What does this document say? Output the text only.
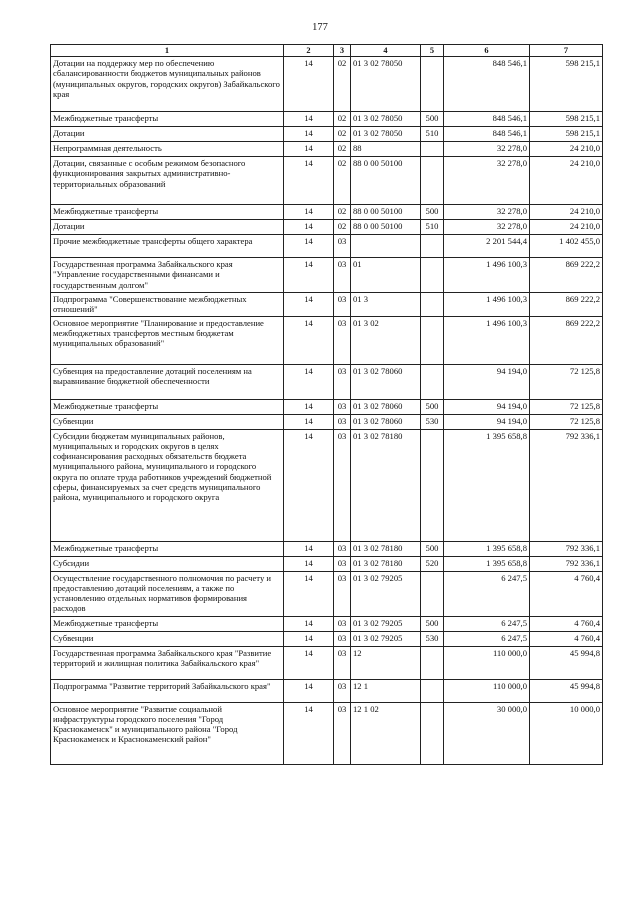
177
1	2	3	4	5	6	7
Дотации на поддержку мер по обеспечению сбалансированности бюджетов муниципальных районов (муниципальных округов, городских округов) Забайкальского края	14	02	01 3 02 78050		848 546,1	598 215,1
Межбюджетные трансферты	14	02	01 3 02 78050	500	848 546,1	598 215,1
Дотации	14	02	01 3 02 78050	510	848 546,1	598 215,1
Непрограммная деятельность	14	02	88		32 278,0	24 210,0
Дотации, связанные с особым режимом безопасного функционирования закрытых административно-территориальных образований	14	02	88 0 00 50100		32 278,0	24 210,0
Межбюджетные трансферты	14	02	88 0 00 50100	500	32 278,0	24 210,0
Дотации	14	02	88 0 00 50100	510	32 278,0	24 210,0
Прочие межбюджетные трансферты общего характера	14	03			2 201 544,4	1 402 455,0
Государственная программа Забайкальского края "Управление государственными финансами и государственным долгом"	14	03	01		1 496 100,3	869 222,2
Подпрограмма "Совершенствование межбюджетных отношений"	14	03	01 3		1 496 100,3	869 222,2
Основное мероприятие "Планирование и предоставление межбюджетных трансфертов местным бюджетам муниципальных образований"	14	03	01 3 02		1 496 100,3	869 222,2
Субвенция на предоставление дотаций поселениям на выравнивание бюджетной обеспеченности	14	03	01 3 02 78060		94 194,0	72 125,8
Межбюджетные трансферты	14	03	01 3 02 78060	500	94 194,0	72 125,8
Субвенции	14	03	01 3 02 78060	530	94 194,0	72 125,8
Субсидии бюджетам муниципальных районов, муниципальных и городских округов в целях софинансирования расходных обязательств бюджета муниципального района, муниципального и городского округа по оплате труда работников учреждений бюджетной сферы, финансируемых за счет средств муниципального района, муниципального и городского округа	14	03	01 3 02 78180		1 395 658,8	792 336,1
Межбюджетные трансферты	14	03	01 3 02 78180	500	1 395 658,8	792 336,1
Субсидии	14	03	01 3 02 78180	520	1 395 658,8	792 336,1
Осуществление государственного полномочия по расчету и предоставлению дотаций поселениям, а также по установлению отдельных нормативов формирования расходов	14	03	01 3 02 79205		6 247,5	4 760,4
Межбюджетные трансферты	14	03	01 3 02 79205	500	6 247,5	4 760,4
Субвенции	14	03	01 3 02 79205	530	6 247,5	4 760,4
Государственная программа Забайкальского края "Развитие территорий и жилищная политика Забайкальского края"	14	03	12		110 000,0	45 994,8
Подпрограмма "Развитие территорий Забайкальского края"	14	03	12 1		110 000,0	45 994,8
Основное мероприятие "Развитие социальной инфраструктуры городского поселения "Город Краснокаменск" и муниципального района "Город Краснокаменск и Краснокаменский район"	14	03	12 1 02		30 000,0	10 000,0
